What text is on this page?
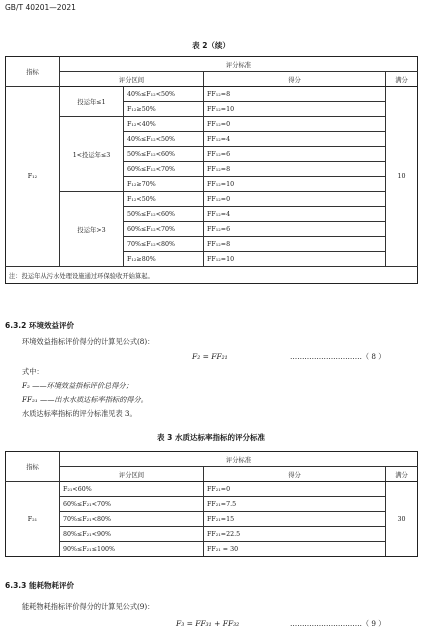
GB/T 40201—2021
表 2（续）
指标	评分标准			
	评分区间		得分	满分
F₁₂	投运年≤1	40%≤F₁₂<50%	FF₁₂=8	10
		F₁₂≥50%	FF₁₂=10	
	1<投运年≤3	F₁₂<40%	FF₁₂=0	
		40%≤F₁₂<50%	FF₁₂=4	
		50%≤F₁₂<60%	FF₁₂=6	
		60%≤F₁₂<70%	FF₁₂=8	
		F₁₂≥70%	FF₁₂=10	
	投运年>3	F₁₂<50%	FF₁₂=0	
		50%≤F₁₂<60%	FF₁₂=4	
		60%≤F₁₂<70%	FF₁₂=6	
		70%≤F₁₂<80%	FF₁₂=8	
		F₁₂≥80%	FF₁₂=10	
注：投运年从污水处理设施通过环保验收开始算起。				
6.3.2 环境效益评价
环境效益指标评价得分的计算见公式(8)：
F₂ = FF₂₁	…………………………（ 8 ）
式中：
F₂ ——环境效益指标评价总得分；
FF₂₁ ——出水水质达标率指标的得分。
水质达标率指标的评分标准见表 3。
表 3 水质达标率指标的评分标准
指标	评分标准		
	评分区间	得分	满分
F₂₁	F₂₁<60%	FF₂₁=0	30
	60%≤F₂₁<70%	FF₂₁=7.5	
	70%≤F₂₁<80%	FF₂₁=15	
	80%≤F₂₁<90%	FF₂₁=22.5	
	90%≤F₂₁≤100%	FF₂₁ = 30	
6.3.3 能耗物耗评价
能耗物耗指标评价得分的计算见公式(9)：
F₃ = FF₃₁ + FF₃₂	…………………………（ 9 ）
